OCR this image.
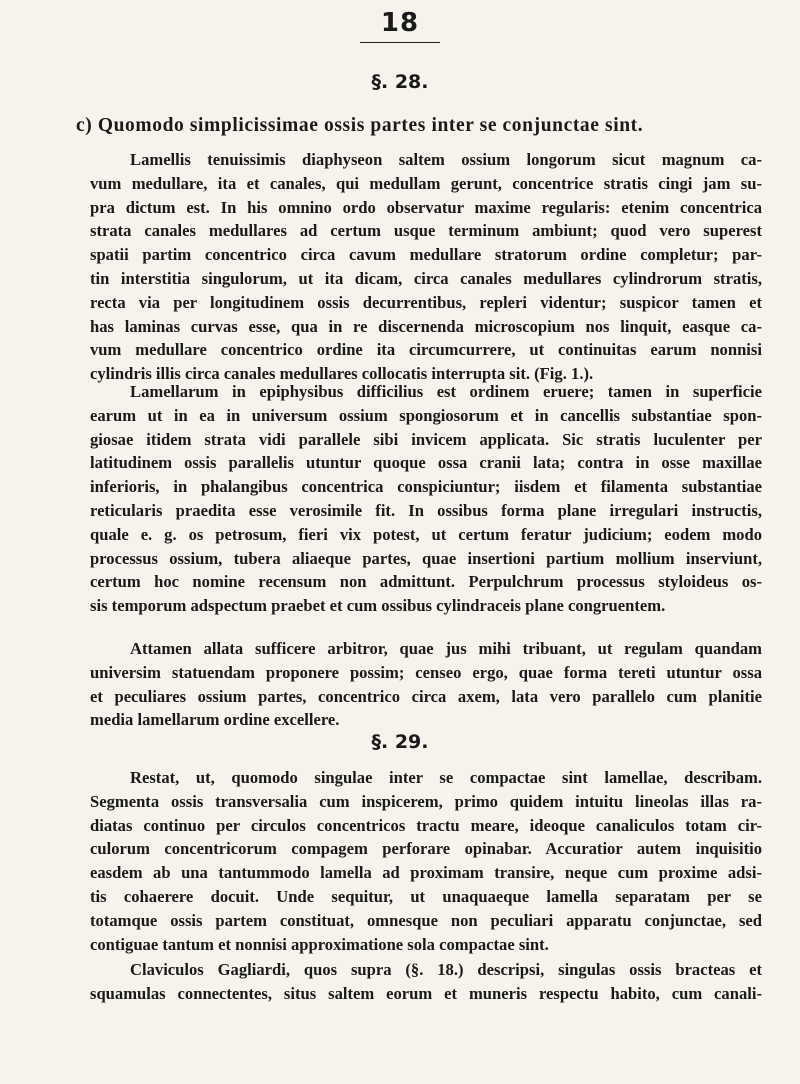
18
§. 28.
c) Quomodo simplicissimae ossis partes inter se conjunctae sint.
Lamellis tenuissimis diaphyseon saltem ossium longorum sicut magnum ca-
vum medullare, ita et canales, qui medullam gerunt, concentrice stratis cingi jam su-
pra dictum est. In his omnino ordo observatur maxime regularis: etenim concentrica
strata canales medullares ad certum usque terminum ambiunt; quod vero superest
spatii partim concentrico circa cavum medullare stratorum ordine completur; par-
tin interstitia singulorum, ut ita dicam, circa canales medullares cylindrorum stratis,
recta via per longitudinem ossis decurrentibus, repleri videntur; suspicor tamen et
has laminas curvas esse, qua in re discernenda microscopium nos linquit, easque ca-
vum medullare concentrico ordine ita circumcurrere, ut continuitas earum nonnisi
cylindris illis circa canales medullares collocatis interrupta sit. (Fig. 1.).
Lamellarum in epiphysibus difficilius est ordinem eruere; tamen in superficie
earum ut in ea in universum ossium spongiosorum et in cancellis substantiae spon-
giosae itidem strata vidi parallele sibi invicem applicata. Sic stratis luculenter per
latitudinem ossis parallelis utuntur quoque ossa cranii lata; contra in osse maxillae
inferioris, in phalangibus concentrica conspiciuntur; iisdem et filamenta substantiae
reticularis praedita esse verosimile fit. In ossibus forma plane irregulari instructis,
quale e. g. os petrosum, fieri vix potest, ut certum feratur judicium; eodem modo
processus ossium, tubera aliaeque partes, quae insertioni partium mollium inserviunt,
certum hoc nomine recensum non admittunt. Perpulchrum processus styloideus os-
sis temporum adspectum praebet et cum ossibus cylindraceis plane congruentem.
Attamen allata sufficere arbitror, quae jus mihi tribuant, ut regulam quandam
universim statuendam proponere possim; censeo ergo, quae forma tereti utuntur ossa
et peculiares ossium partes, concentrico circa axem, lata vero parallelo cum planitie
media lamellarum ordine excellere.
§. 29.
Restat, ut, quomodo singulae inter se compactae sint lamellae, describam.
Segmenta ossis transversalia cum inspicerem, primo quidem intuitu lineolas illas ra-
diatas continuo per circulos concentricos tractu meare, ideoque canaliculos totam cir-
culorum concentricorum compagem perforare opinabar. Accuratior autem inquisitio
easdem ab una tantummodo lamella ad proximam transire, neque cum proxime adsi-
tis cohaerere docuit. Unde sequitur, ut unaquaeque lamella separatam per se
totamque ossis partem constituat, omnesque non peculiari apparatu conjunctae, sed
contiguae tantum et nonnisi approximatione sola compactae sint.
Claviculos Gagliardi, quos supra (§. 18.) descripsi, singulas ossis bracteas et
squamulas connectentes, situs saltem eorum et muneris respectu habito, cum canali-
